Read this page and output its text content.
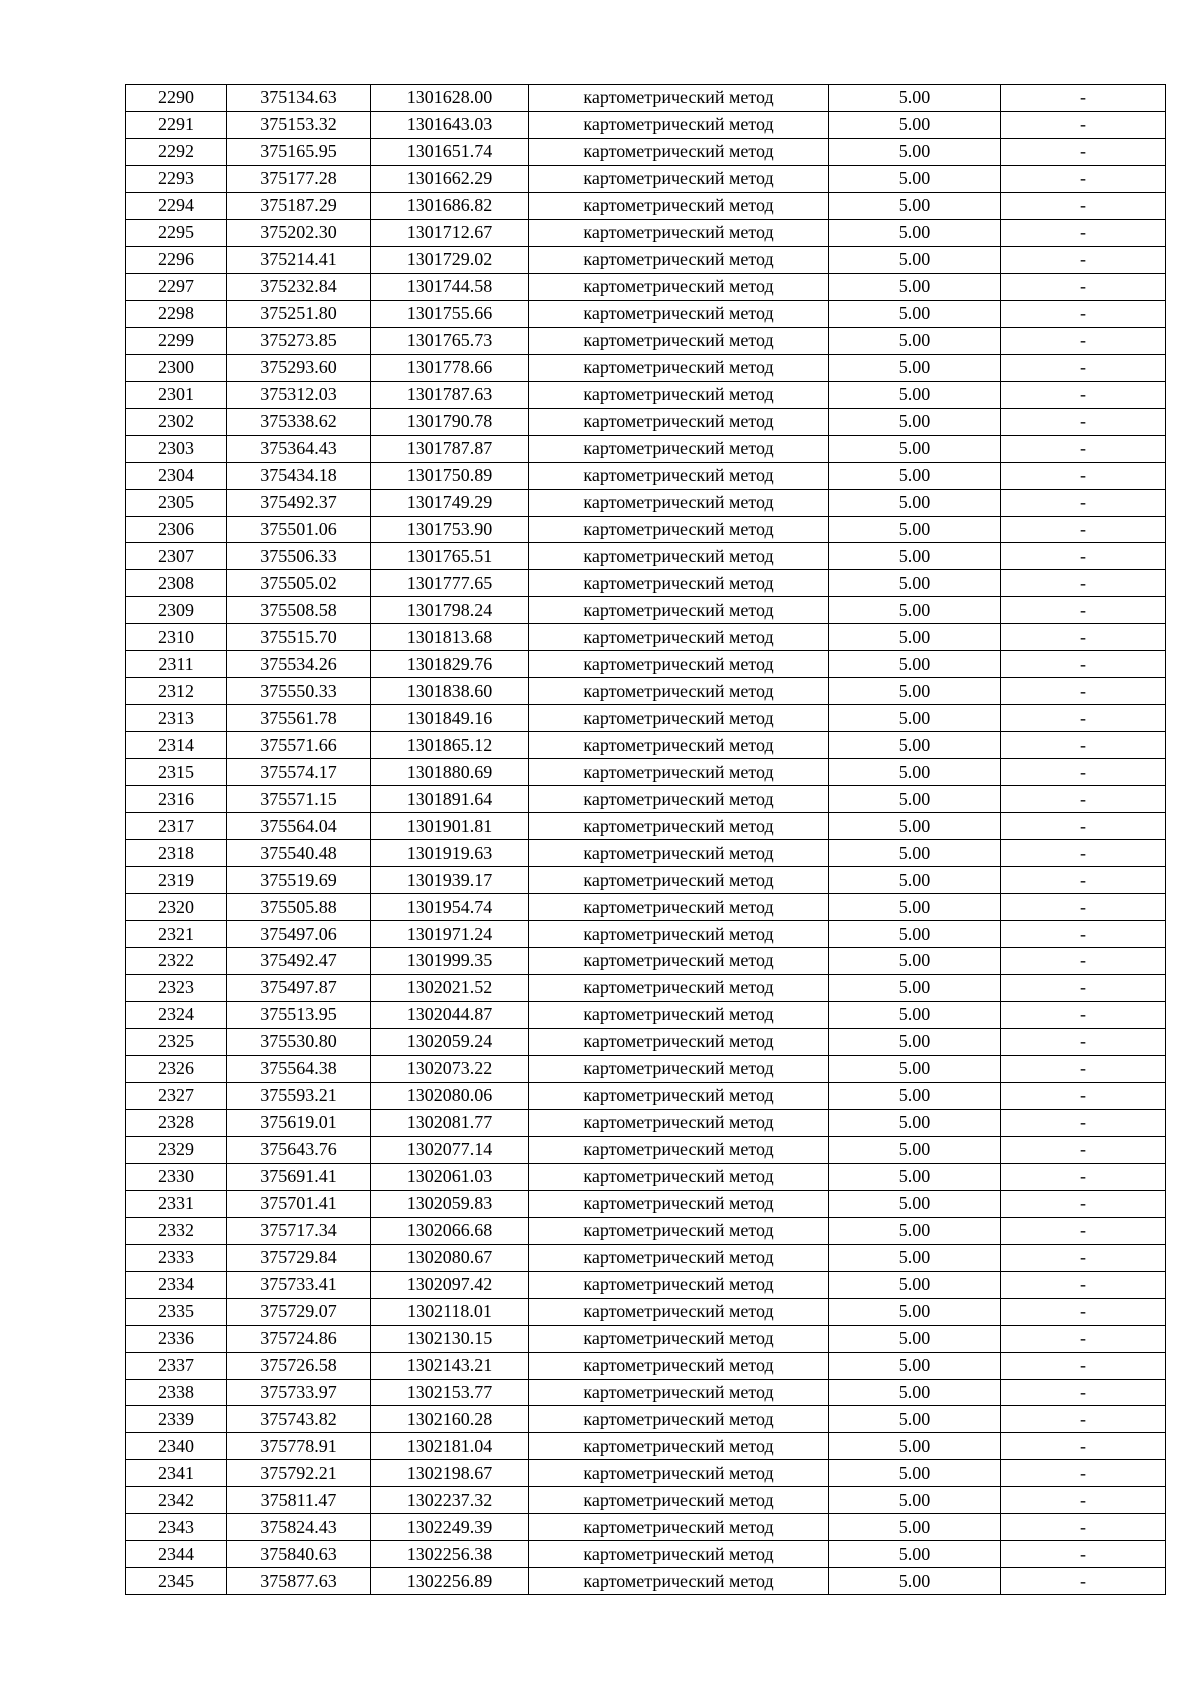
2290	375134.63	1301628.00	картометрический метод	5.00	-
2291	375153.32	1301643.03	картометрический метод	5.00	-
2292	375165.95	1301651.74	картометрический метод	5.00	-
2293	375177.28	1301662.29	картометрический метод	5.00	-
2294	375187.29	1301686.82	картометрический метод	5.00	-
2295	375202.30	1301712.67	картометрический метод	5.00	-
2296	375214.41	1301729.02	картометрический метод	5.00	-
2297	375232.84	1301744.58	картометрический метод	5.00	-
2298	375251.80	1301755.66	картометрический метод	5.00	-
2299	375273.85	1301765.73	картометрический метод	5.00	-
2300	375293.60	1301778.66	картометрический метод	5.00	-
2301	375312.03	1301787.63	картометрический метод	5.00	-
2302	375338.62	1301790.78	картометрический метод	5.00	-
2303	375364.43	1301787.87	картометрический метод	5.00	-
2304	375434.18	1301750.89	картометрический метод	5.00	-
2305	375492.37	1301749.29	картометрический метод	5.00	-
2306	375501.06	1301753.90	картометрический метод	5.00	-
2307	375506.33	1301765.51	картометрический метод	5.00	-
2308	375505.02	1301777.65	картометрический метод	5.00	-
2309	375508.58	1301798.24	картометрический метод	5.00	-
2310	375515.70	1301813.68	картометрический метод	5.00	-
2311	375534.26	1301829.76	картометрический метод	5.00	-
2312	375550.33	1301838.60	картометрический метод	5.00	-
2313	375561.78	1301849.16	картометрический метод	5.00	-
2314	375571.66	1301865.12	картометрический метод	5.00	-
2315	375574.17	1301880.69	картометрический метод	5.00	-
2316	375571.15	1301891.64	картометрический метод	5.00	-
2317	375564.04	1301901.81	картометрический метод	5.00	-
2318	375540.48	1301919.63	картометрический метод	5.00	-
2319	375519.69	1301939.17	картометрический метод	5.00	-
2320	375505.88	1301954.74	картометрический метод	5.00	-
2321	375497.06	1301971.24	картометрический метод	5.00	-
2322	375492.47	1301999.35	картометрический метод	5.00	-
2323	375497.87	1302021.52	картометрический метод	5.00	-
2324	375513.95	1302044.87	картометрический метод	5.00	-
2325	375530.80	1302059.24	картометрический метод	5.00	-
2326	375564.38	1302073.22	картометрический метод	5.00	-
2327	375593.21	1302080.06	картометрический метод	5.00	-
2328	375619.01	1302081.77	картометрический метод	5.00	-
2329	375643.76	1302077.14	картометрический метод	5.00	-
2330	375691.41	1302061.03	картометрический метод	5.00	-
2331	375701.41	1302059.83	картометрический метод	5.00	-
2332	375717.34	1302066.68	картометрический метод	5.00	-
2333	375729.84	1302080.67	картометрический метод	5.00	-
2334	375733.41	1302097.42	картометрический метод	5.00	-
2335	375729.07	1302118.01	картометрический метод	5.00	-
2336	375724.86	1302130.15	картометрический метод	5.00	-
2337	375726.58	1302143.21	картометрический метод	5.00	-
2338	375733.97	1302153.77	картометрический метод	5.00	-
2339	375743.82	1302160.28	картометрический метод	5.00	-
2340	375778.91	1302181.04	картометрический метод	5.00	-
2341	375792.21	1302198.67	картометрический метод	5.00	-
2342	375811.47	1302237.32	картометрический метод	5.00	-
2343	375824.43	1302249.39	картометрический метод	5.00	-
2344	375840.63	1302256.38	картометрический метод	5.00	-
2345	375877.63	1302256.89	картометрический метод	5.00	-
